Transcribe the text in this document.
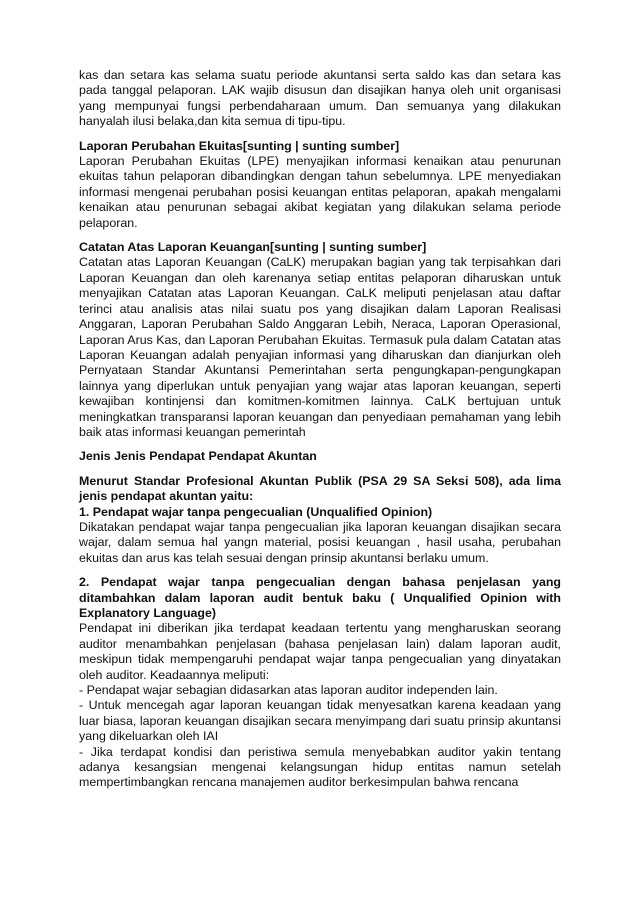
kas dan setara kas selama suatu periode akuntansi serta saldo kas dan setara kas pada tanggal pelaporan. LAK wajib disusun dan disajikan hanya oleh unit organisasi yang mempunyai fungsi perbendaharaan umum. Dan semuanya yang dilakukan hanyalah ilusi belaka,dan kita semua di tipu-tipu.

Laporan Perubahan Ekuitas[sunting | sunting sumber]

Laporan Perubahan Ekuitas (LPE) menyajikan informasi kenaikan atau penurunan ekuitas tahun pelaporan dibandingkan dengan tahun sebelumnya. LPE menyediakan informasi mengenai perubahan posisi keuangan entitas pelaporan, apakah mengalami kenaikan atau penurunan sebagai akibat kegiatan yang dilakukan selama periode pelaporan.

Catatan Atas Laporan Keuangan[sunting | sunting sumber]

Catatan atas Laporan Keuangan (CaLK) merupakan bagian yang tak terpisahkan dari Laporan Keuangan dan oleh karenanya setiap entitas pelaporan diharuskan untuk menyajikan Catatan atas Laporan Keuangan. CaLK meliputi penjelasan atau daftar terinci atau analisis atas nilai suatu pos yang disajikan dalam Laporan Realisasi Anggaran, Laporan Perubahan Saldo Anggaran Lebih, Neraca, Laporan Operasional, Laporan Arus Kas, dan Laporan Perubahan Ekuitas. Termasuk pula dalam Catatan atas Laporan Keuangan adalah penyajian informasi yang diharuskan dan dianjurkan oleh Pernyataan Standar Akuntansi Pemerintahan serta pengungkapan-pengungkapan lainnya yang diperlukan untuk penyajian yang wajar atas laporan keuangan, seperti kewajiban kontinjensi dan komitmen-komitmen lainnya. CaLK bertujuan untuk meningkatkan transparansi laporan keuangan dan penyediaan pemahaman yang lebih baik atas informasi keuangan pemerintah

Jenis Jenis Pendapat Pendapat Akuntan

Menurut Standar Profesional Akuntan Publik (PSA 29 SA Seksi 508), ada lima jenis pendapat akuntan yaitu:

1. Pendapat wajar tanpa pengecualian (Unqualified Opinion)

Dikatakan pendapat wajar tanpa pengecualian jika laporan keuangan disajikan secara wajar, dalam semua hal yangn material, posisi keuangan , hasil usaha, perubahan ekuitas dan arus kas telah sesuai dengan prinsip akuntansi berlaku umum.

2. Pendapat wajar tanpa pengecualian dengan bahasa penjelasan yang ditambahkan dalam laporan audit bentuk baku ( Unqualified Opinion with Explanatory Language)

Pendapat ini diberikan jika terdapat keadaan tertentu yang mengharuskan seorang auditor menambahkan penjelasan (bahasa penjelasan lain) dalam laporan audit, meskipun tidak mempengaruhi pendapat wajar tanpa pengecualian yang dinyatakan oleh auditor. Keadaannya meliputi:

- Pendapat wajar sebagian didasarkan atas laporan auditor independen lain.

- Untuk mencegah agar laporan keuangan tidak menyesatkan karena keadaan yang luar biasa, laporan keuangan disajikan secara menyimpang dari suatu prinsip akuntansi yang dikeluarkan oleh IAI

- Jika terdapat kondisi dan peristiwa semula menyebabkan auditor yakin tentang adanya kesangsian mengenai kelangsungan hidup entitas namun setelah mempertimbangkan rencana manajemen auditor berkesimpulan bahwa rencana
